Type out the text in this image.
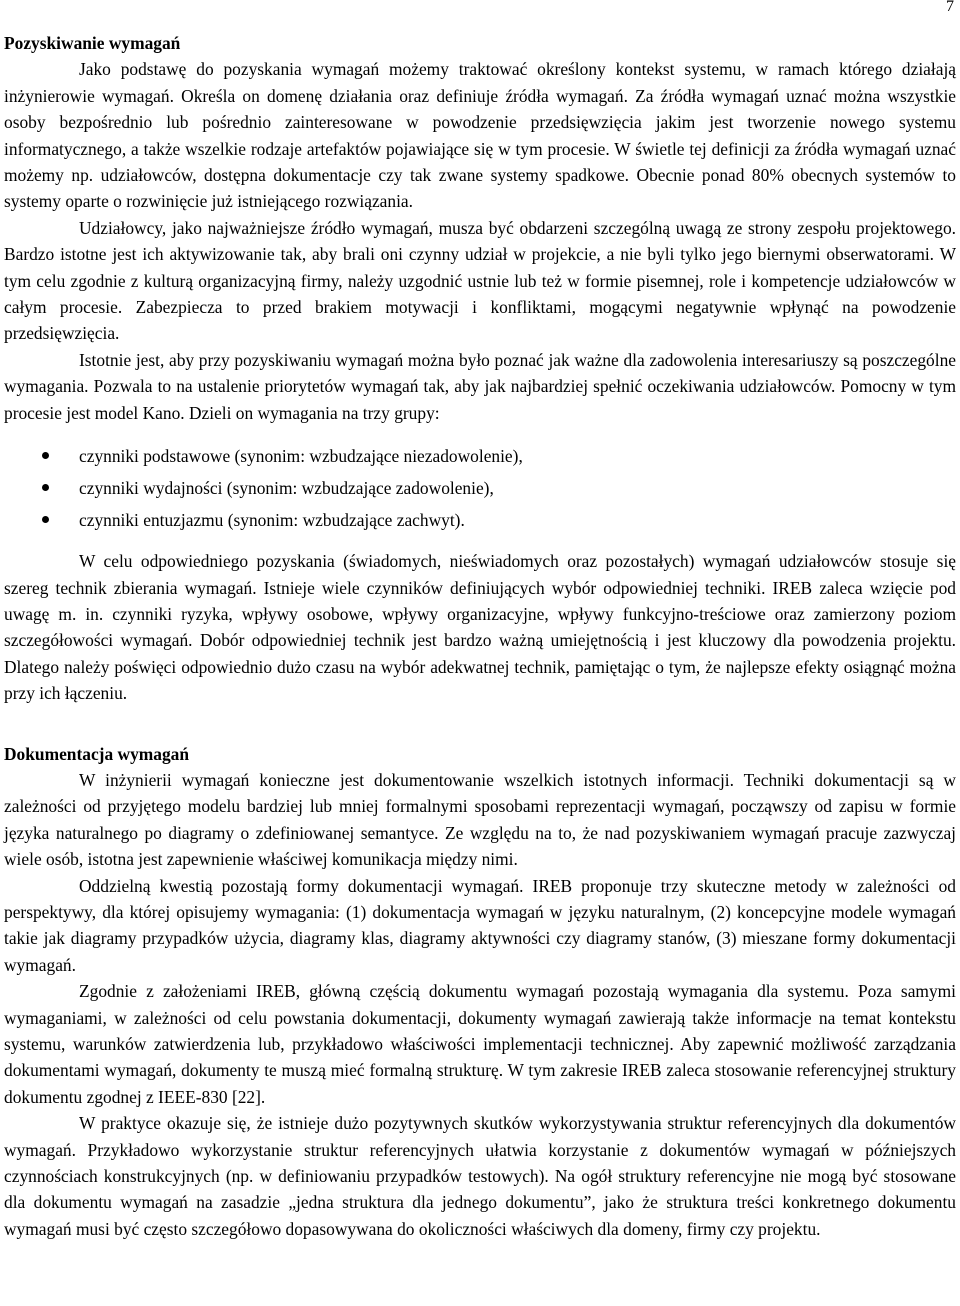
7
Pozyskiwanie wymagań

Jako podstawę do pozyskania wymagań możemy traktować określony kontekst systemu, w ramach którego działają inżynierowie wymagań. Określa on domenę działania oraz definiuje źródła wymagań. Za źródła wymagań uznać można wszystkie osoby bezpośrednio lub pośrednio zainteresowane w powodzenie przedsięwzięcia jakim jest tworzenie nowego systemu informatycznego, a także wszelkie rodzaje artefaktów pojawiające się w tym procesie. W świetle tej definicji za źródła wymagań uznać możemy np. udziałowców, dostępna dokumentacje czy tak zwane systemy spadkowe. Obecnie ponad 80% obecnych systemów to systemy oparte o rozwinięcie już istniejącego rozwiązania.

Udziałowcy, jako najważniejsze źródło wymagań, musza być obdarzeni szczególną uwagą ze strony zespołu projektowego. Bardzo istotne jest ich aktywizowanie tak, aby brali oni czynny udział w projekcie, a nie byli tylko jego biernymi obserwatorami. W tym celu zgodnie z kulturą organizacyjną firmy, należy uzgodnić ustnie lub też w formie pisemnej, role i kompetencje udziałowców w całym procesie. Zabezpiecza to przed brakiem motywacji i konfliktami, mogącymi negatywnie wpłynąć na powodzenie przedsięwzięcia.

Istotnie jest, aby przy pozyskiwaniu wymagań można było poznać jak ważne dla zadowolenia interesariuszy są poszczególne wymagania. Pozwala to na ustalenie priorytetów wymagań tak, aby jak najbardziej spełnić oczekiwania udziałowców. Pomocny w tym procesie jest model Kano. Dzieli on wymagania na trzy grupy:

czynniki podstawowe (synonim: wzbudzające niezadowolenie),
czynniki wydajności (synonim: wzbudzające zadowolenie),
czynniki entuzjazmu (synonim: wzbudzające zachwyt).

W celu odpowiedniego pozyskania (świadomych, nieświadomych oraz pozostałych) wymagań udziałowców stosuje się szereg technik zbierania wymagań. Istnieje wiele czynników definiujących wybór odpowiedniej techniki. IREB zaleca wzięcie pod uwagę m. in. czynniki ryzyka, wpływy osobowe, wpływy organizacyjne, wpływy funkcyjno-treściowe oraz zamierzony poziom szczegółowości wymagań. Dobór odpowiedniej technik jest bardzo ważną umiejętnością i jest kluczowy dla powodzenia projektu. Dlatego należy poświęci odpowiednio dużo czasu na wybór adekwatnej technik, pamiętając o tym, że najlepsze efekty osiągnąć można przy ich łączeniu.

Dokumentacja wymagań

W inżynierii wymagań konieczne jest dokumentowanie wszelkich istotnych informacji. Techniki dokumentacji są w zależności od przyjętego modelu bardziej lub mniej formalnymi sposobami reprezentacji wymagań, począwszy od zapisu w formie języka naturalnego po diagramy o zdefiniowanej semantyce. Ze względu na to, że nad pozyskiwaniem wymagań pracuje zazwyczaj wiele osób, istotna jest zapewnienie właściwej komunikacja między nimi.

Oddzielną kwestią pozostają formy dokumentacji wymagań. IREB proponuje trzy skuteczne metody w zależności od perspektywy, dla której opisujemy wymagania: (1) dokumentacja wymagań w języku naturalnym, (2) koncepcyjne modele wymagań takie jak diagramy przypadków użycia, diagramy klas, diagramy aktywności czy diagramy stanów, (3) mieszane formy dokumentacji wymagań.

Zgodnie z założeniami IREB, główną częścią dokumentu wymagań pozostają wymagania dla systemu. Poza samymi wymaganiami, w zależności od celu powstania dokumentacji, dokumenty wymagań zawierają także informacje na temat kontekstu systemu, warunków zatwierdzenia lub, przykładowo właściwości implementacji technicznej. Aby zapewnić możliwość zarządzania dokumentami wymagań, dokumenty te muszą mieć formalną strukturę. W tym zakresie IREB zaleca stosowanie referencyjnej struktury dokumentu zgodnej z IEEE-830 [22].

W praktyce okazuje się, że istnieje dużo pozytywnych skutków wykorzystywania struktur referencyjnych dla dokumentów wymagań. Przykładowo wykorzystanie struktur referencyjnych ułatwia korzystanie z dokumentów wymagań w późniejszych czynnościach konstrukcyjnych (np. w definiowaniu przypadków testowych). Na ogół struktury referencyjne nie mogą być stosowane dla dokumentu wymagań na zasadzie „jedna struktura dla jednego dokumentu”, jako że struktura treści konkretnego dokumentu wymagań musi być często szczegółowo dopasowywana do okoliczności właściwych dla domeny, firmy czy projektu.
